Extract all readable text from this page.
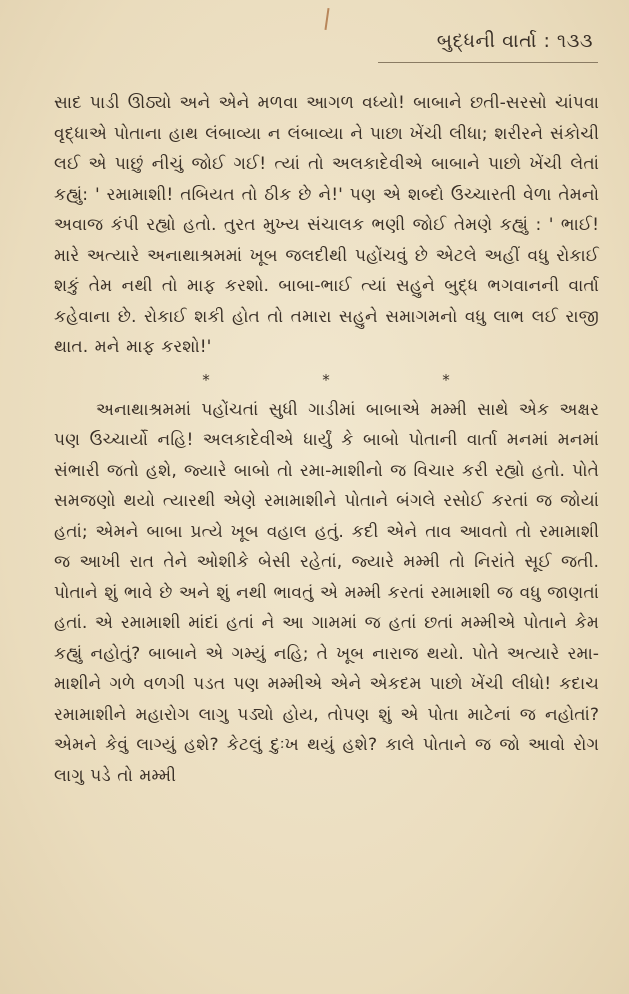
બુદ્ધની વાર્તા : ૧૩૩

સાદ પાડી ઊઠ્યો અને એને મળવા આગળ વધ્યો! બાબાને છતી-સરસો ચાંપવા વૃદ્ધાએ પોતાના હાથ લંબાવ્યા ન લંબાવ્યા ને પાછા ખેંચી લીધા; શરીરને સંકોચી લઈ એ પાછું નીચું જોઈ ગઈ! ત્યાં તો અલકાદેવીએ બાબાને પાછો ખેંચી લેતાં કહ્યું: ' રમામાશી! તબિયત તો ઠીક છે ને!' પણ એ શબ્દો ઉચ્ચારતી વેળા તેમનો અવાજ કંપી રહ્યો હતો. તુરત મુખ્ય સંચાલક ભણી જોઈ તેમણે કહ્યું : ' ભાઈ! મારે અત્યારે અનાથાશ્રમમાં ખૂબ જલદીથી પહોંચવું છે એટલે અહીં વધુ રોકાઈ શકું તેમ નથી તો માફ કરશો. બાબા-ભાઈ ત્યાં સહુને બુદ્ધ ભગવાનની વાર્તા કહેવાના છે. રોકાઈ શકી હોત તો તમારા સહુને સમાગમનો વધુ લાભ લઈ રાજી થાત. મને માફ કરશો!'

*	*	*

અનાથાશ્રમમાં પહોંચતાં સુધી ગાડીમાં બાબાએ મમ્મી સાથે એક અક્ષર પણ ઉચ્ચાર્યો નહિ! અલકાદેવીએ ધાર્યું કે બાબો પોતાની વાર્તા મનમાં મનમાં સંભારી જતો હશે, જ્યારે બાબો તો રમા-માશીનો જ વિચાર કરી રહ્યો હતો. પોતે સમજણો થયો ત્યારથી એણે રમામાશીને પોતાને બંગલે રસોઈ કરતાં જ જોયાં હતાં; એમને બાબા પ્રત્યે ખૂબ વહાલ હતું. કદી એને તાવ આવતો તો રમામાશી જ આખી રાત તેને ઓશીકે બેસી રહેતાં, જ્યારે મમ્મી તો નિરાંતે સૂઈ જતી. પોતાને શું ભાવે છે અને શું નથી ભાવતું એ મમ્મી કરતાં રમામાશી જ વધુ જાણતાં હતાં. એ રમામાશી માંદાં હતાં ને આ ગામમાં જ હતાં છતાં મમ્મીએ પોતાને કેમ કહ્યું નહોતું? બાબાને એ ગમ્યું નહિ; તે ખૂબ નારાજ થયો. પોતે અત્યારે રમા-માશીને ગળે વળગી પડત પણ મમ્મીએ એને એકદમ પાછો ખેંચી લીધો! કદાચ રમામાશીને મહારોગ લાગુ પડ્યો હોય, તોપણ શું એ પોતા માટેનાં જ નહોતાં? એમને કેવું લાગ્યું હશે? કેટલું દુઃખ થયું હશે? કાલે પોતાને જ જો આવો રોગ લાગુ પડે તો મમ્મી
